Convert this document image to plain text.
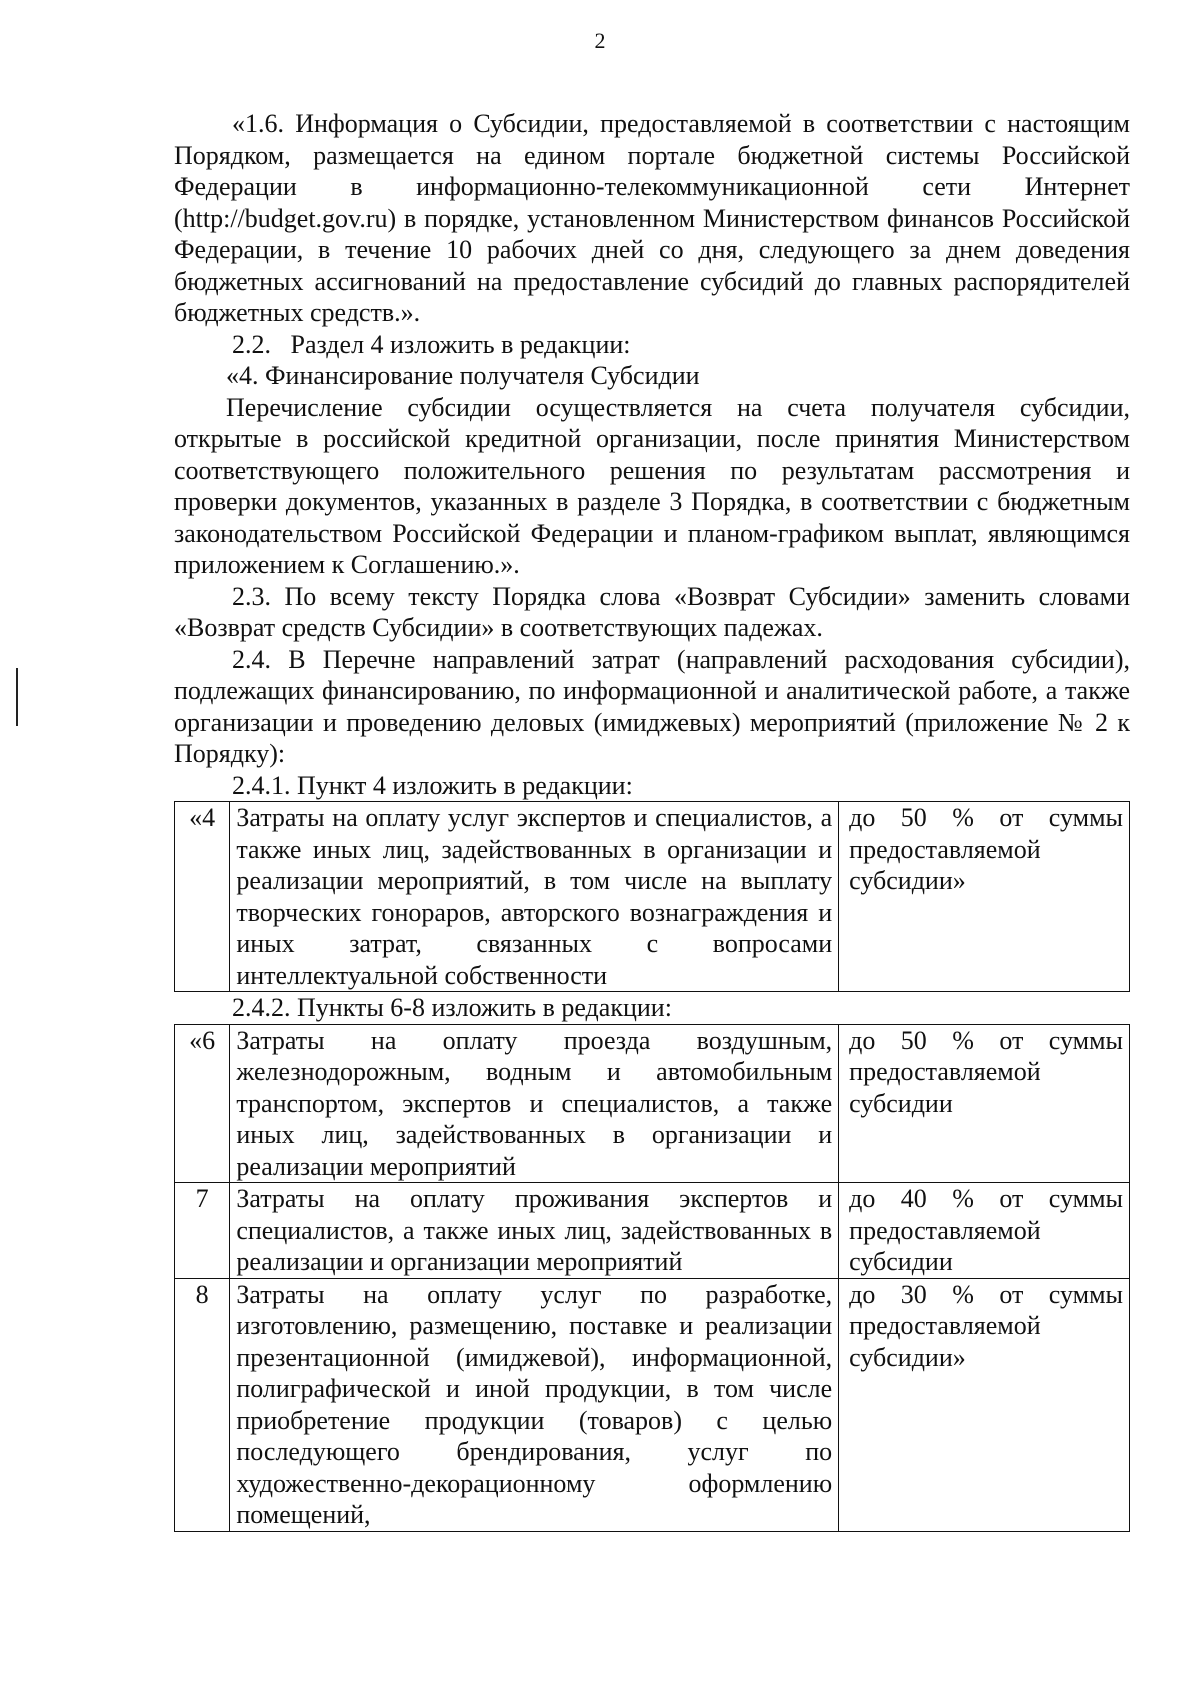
2

«1.6. Информация о Субсидии, предоставляемой в соответствии с настоящим Порядком, размещается на едином портале бюджетной системы Российской Федерации в информационно-телекоммуникационной сети Интернет (http://budget.gov.ru) в порядке, установленном Министерством финансов Российской Федерации, в течение 10 рабочих дней со дня, следующего за днем доведения бюджетных ассигнований на предоставление субсидий до главных распорядителей бюджетных средств.».

2.2.   Раздел 4 изложить в редакции:

«4. Финансирование получателя Субсидии

Перечисление субсидии осуществляется на счета получателя субсидии, открытые в российской кредитной организации, после принятия Министерством соответствующего положительного решения по результатам рассмотрения и проверки документов, указанных в разделе 3 Порядка, в соответствии с бюджетным законодательством Российской Федерации и планом-графиком выплат, являющимся приложением к Соглашению.».

2.3. По всему тексту Порядка слова «Возврат Субсидии» заменить словами «Возврат средств Субсидии» в соответствующих падежах.

2.4. В Перечне направлений затрат (направлений расходования субсидии), подлежащих финансированию, по информационной и аналитической работе, а также организации и проведению деловых (имиджевых) мероприятий (приложение № 2 к Порядку):

2.4.1. Пункт 4 изложить в редакции:

«4	Затраты на оплату услуг экспертов и специалистов, а также иных лиц, задействованных в организации и реализации мероприятий, в том числе на выплату творческих гонораров, авторского вознаграждения и иных затрат, связанных с вопросами интеллектуальной собственности	до 50 % от суммы предоставляемой субсидии»

2.4.2. Пункты 6-8 изложить в редакции:

«6	Затраты на оплату проезда воздушным, железнодорожным, водным и автомобильным транспортом, экспертов и специалистов, а также иных лиц, задействованных в организации и реализации мероприятий	до 50 % от суммы предоставляемой субсидии
7	Затраты на оплату проживания экспертов и специалистов, а также иных лиц, задействованных в реализации и организации мероприятий	до 40 % от суммы предоставляемой субсидии
8	Затраты на оплату услуг по разработке, изготовлению, размещению, поставке и реализации презентационной (имиджевой), информационной, полиграфической и иной продукции, в том числе приобретение продукции (товаров) с целью последующего брендирования, услуг по художественно-декорационному оформлению помещений,	до 30 % от суммы предоставляемой субсидии»
